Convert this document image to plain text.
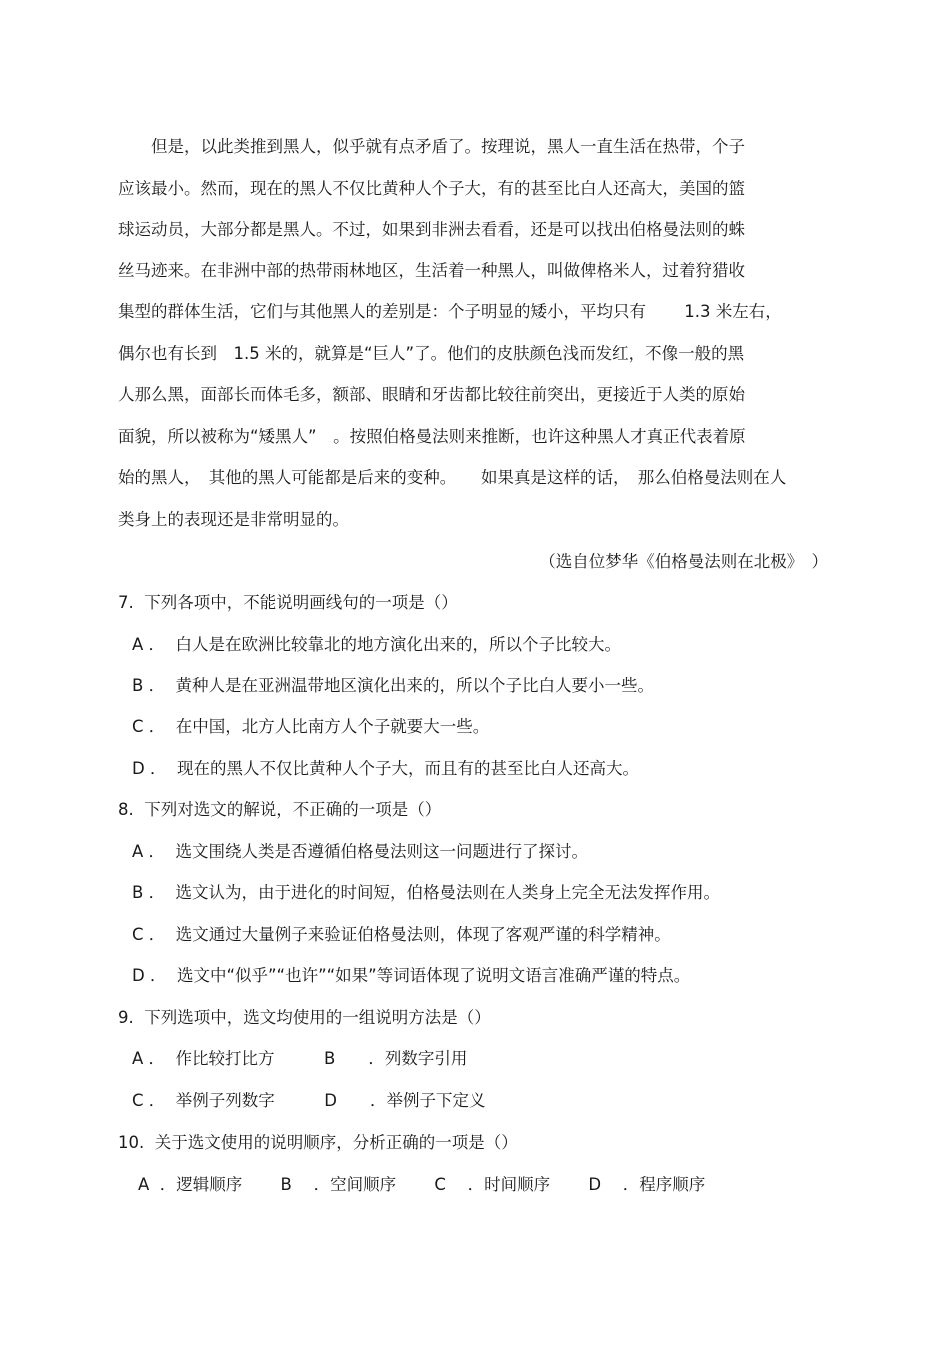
　　但是，以此类推到黑人，似乎就有点矛盾了。按理说，黑人一直生活在热带，个子
应该最小。然而，现在的黑人不仅比黄种人个子大，有的甚至比白人还高大，美国的篮
球运动员，大部分都是黑人。不过，如果到非洲去看看，还是可以找出伯格曼法则的蛛
丝马迹来。在非洲中部的热带雨林地区，生活着一种黑人，叫做俾格米人，过着狩猎收
集型的群体生活，它们与其他黑人的差别是：个子明显的矮小，平均只有　　 1.3 米左右，
偶尔也有长到　1.5 米的，就算是“巨人”了。他们的皮肤颜色浅而发红，不像一般的黑
人那么黑，面部长而体毛多，额部、眼睛和牙齿都比较往前突出，更接近于人类的原始
面貌，所以被称为“矮黑人”　。按照伯格曼法则来推断，也许这种黑人才真正代表着原
始的黑人，　其他的黑人可能都是后来的变种。　　如果真是这样的话，　那么伯格曼法则在人
类身上的表现还是非常明显的。
（选自位梦华《伯格曼法则在北极》　）
7.  下列各项中，不能说明画线句的一项是（）
A ．  白人是在欧洲比较靠北的地方演化出来的，所以个子比较大。
B ．  黄种人是在亚洲温带地区演化出来的，所以个子比白人要小一些。
C ．  在中国，北方人比南方人个子就要大一些。
D ．  现在的黑人不仅比黄种人个子大，而且有的甚至比白人还高大。
8.  下列对选文的解说，不正确的一项是（）
A ．  选文围绕人类是否遵循伯格曼法则这一问题进行了探讨。
B ．  选文认为，由于进化的时间短，伯格曼法则在人类身上完全无法发挥作用。
C ．  选文通过大量例子来验证伯格曼法则，体现了客观严谨的科学精神。
D ．  选文中“似乎”“也许”“如果”等词语体现了说明文语言准确严谨的特点。
9.  下列选项中，选文均使用的一组说明方法是（）
A ．  作比较打比方　　　B　　．列数字引用
C ．  举例子列数字　　　D　　．举例子下定义
10.  关于选文使用的说明顺序，分析正确的一项是（）
A  ．逻辑顺序　　 B　 ．空间顺序　　 C　 ．时间顺序　　 D　 ．程序顺序
